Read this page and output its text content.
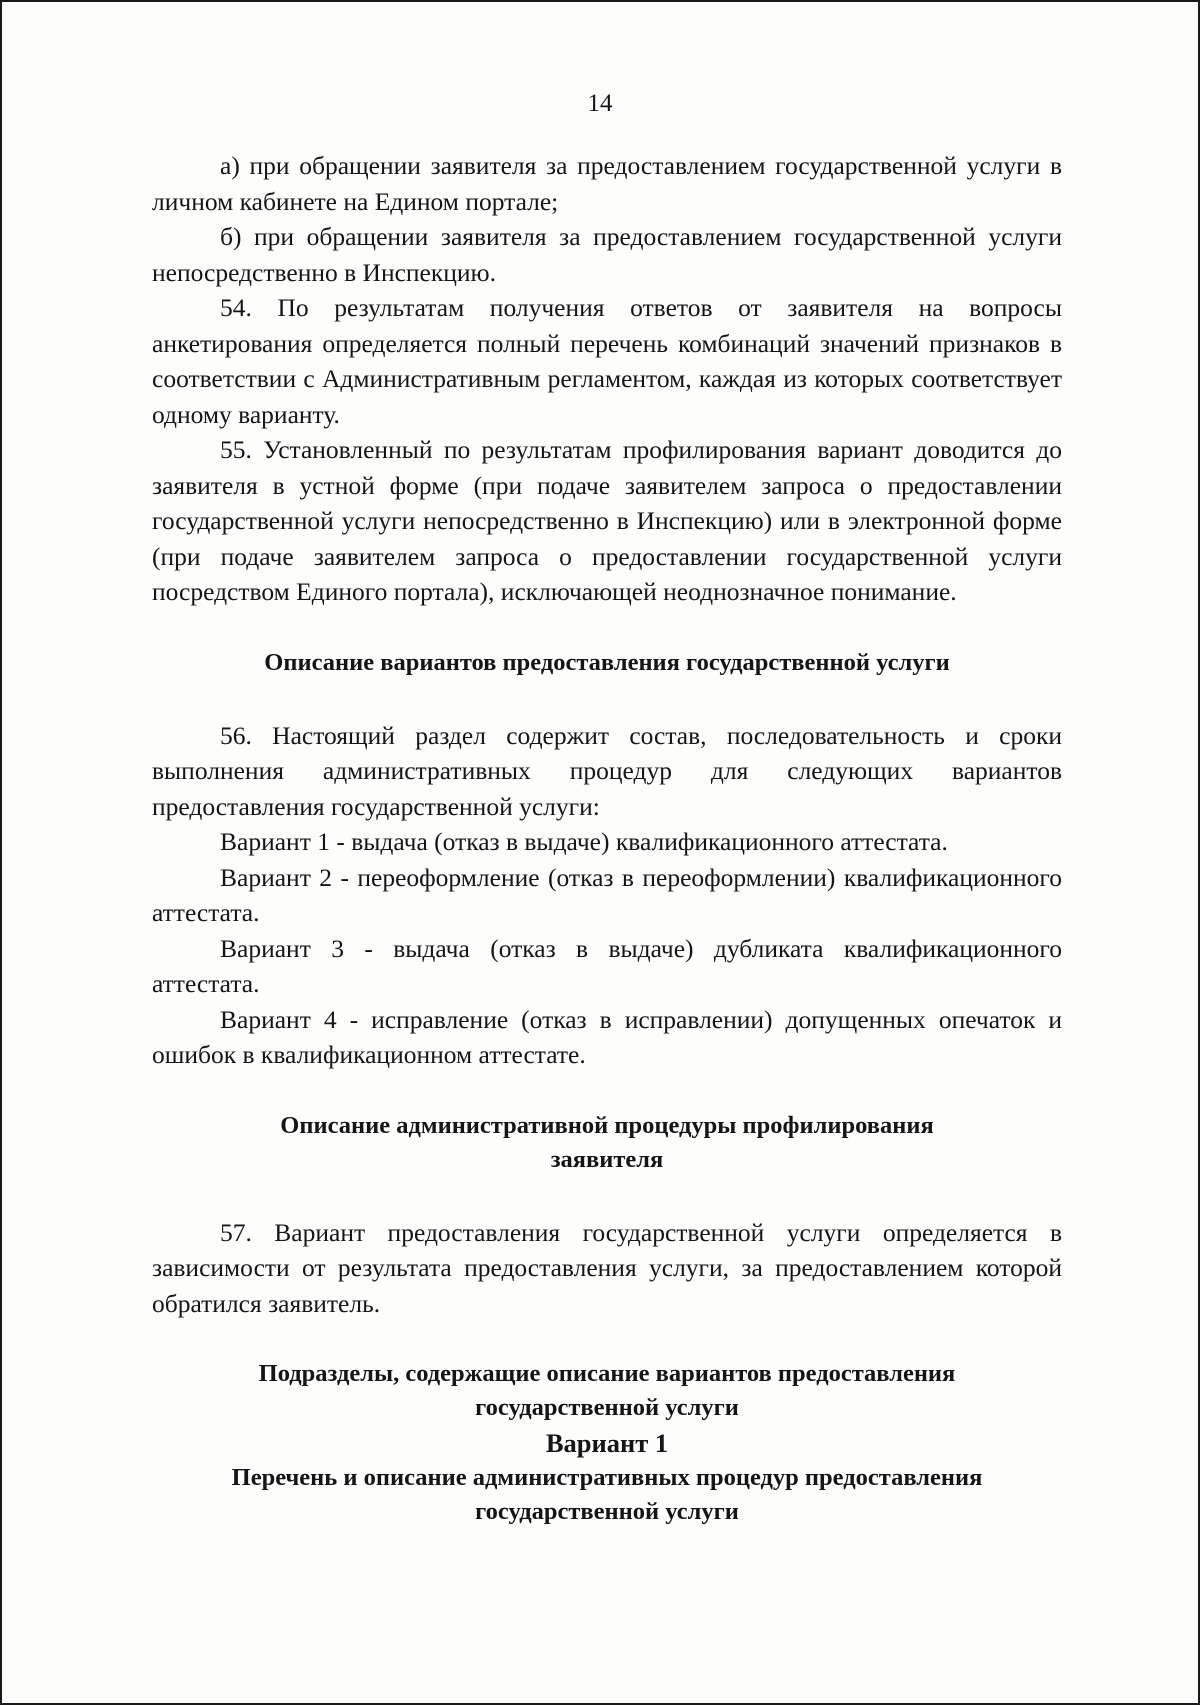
14

а) при обращении заявителя за предоставлением государственной услуги в личном кабинете на Едином портале;

б) при обращении заявителя за предоставлением государственной услуги непосредственно в Инспекцию.

54. По результатам получения ответов от заявителя на вопросы анкетирования определяется полный перечень комбинаций значений признаков в соответствии с Административным регламентом, каждая из которых соответствует одному варианту.

55. Установленный по результатам профилирования вариант доводится до заявителя в устной форме (при подаче заявителем запроса о предоставлении государственной услуги непосредственно в Инспекцию) или в электронной форме (при подаче заявителем запроса о предоставлении государственной услуги посредством Единого портала), исключающей неоднозначное понимание.

Описание вариантов предоставления государственной услуги

56. Настоящий раздел содержит состав, последовательность и сроки выполнения административных процедур для следующих вариантов предоставления государственной услуги:

Вариант 1 - выдача (отказ в выдаче) квалификационного аттестата.

Вариант 2 - переоформление (отказ в переоформлении) квалификационного аттестата.

Вариант 3 - выдача (отказ в выдаче) дубликата квалификационного аттестата.

Вариант 4 - исправление (отказ в исправлении) допущенных опечаток и ошибок в квалификационном аттестате.

Описание административной процедуры профилирования
заявителя

57. Вариант предоставления государственной услуги определяется в зависимости от результата предоставления услуги, за предоставлением которой обратился заявитель.

Подразделы, содержащие описание вариантов предоставления
государственной услуги
Вариант 1
Перечень и описание административных процедур предоставления
государственной услуги
